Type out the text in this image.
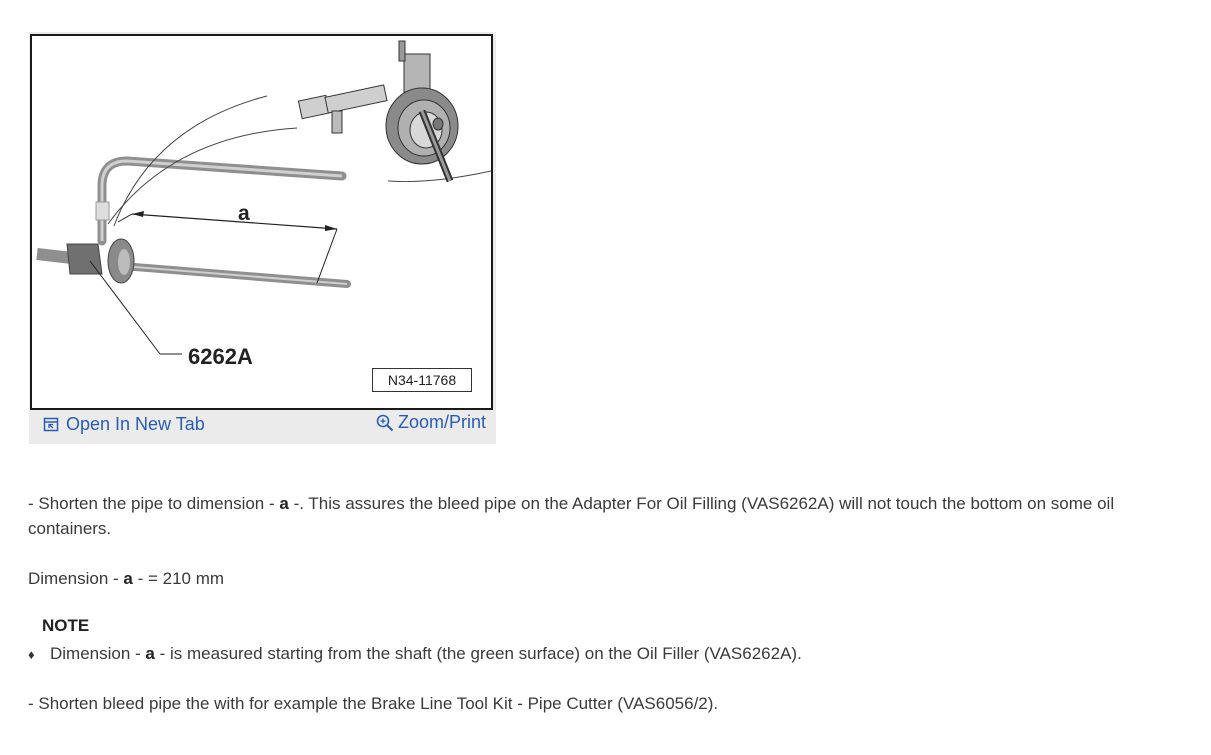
a
6262A
N34-11768
Open In New Tab	Zoom/Print
- Shorten the pipe to dimension - a -. This assures the bleed pipe on the Adapter For Oil Filling (VAS6262A) will not touch the bottom on some oil containers.
Dimension - a - = 210 mm
NOTE
♦ Dimension - a - is measured starting from the shaft (the green surface) on the Oil Filler (VAS6262A).
- Shorten bleed pipe the with for example the Brake Line Tool Kit - Pipe Cutter (VAS6056/2).
